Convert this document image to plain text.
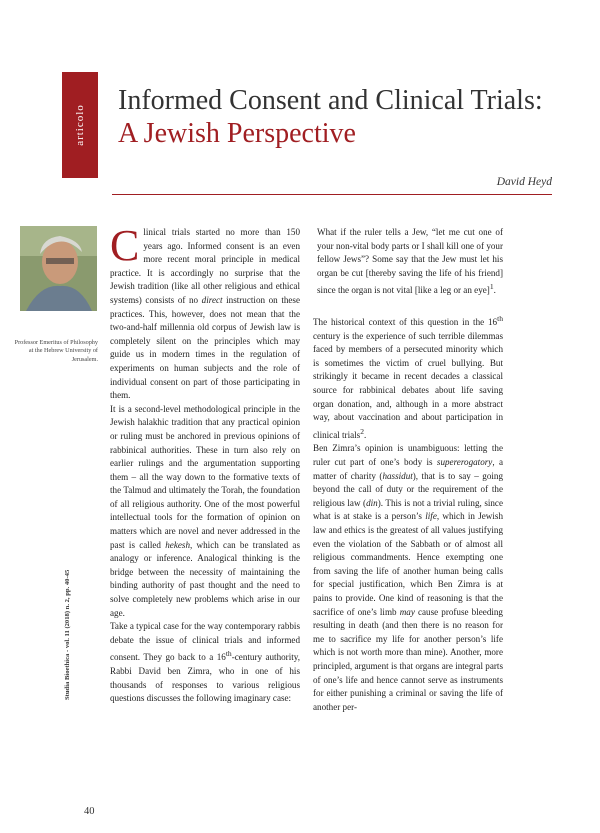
articolo
Informed Consent and Clinical Trials: A Jewish Perspective
David Heyd
Professor Emeritus of Philosophy at the Hebrew University of Jerusalem.
Studia Bioethica - vol. 11 (2018) n. 2, pp. 40-45

Clinical trials started no more than 150 years ago. Informed consent is an even more recent moral principle in medical practice. It is accordingly no surprise that the Jewish tradition (like all other religious and ethical systems) consists of no direct instruction on these practices. This, however, does not mean that the two-and-half millennia old corpus of Jewish law is completely silent on the principles which may guide us in modern times in the regulation of experiments on human subjects and the role of individual consent on part of those participating in them.

It is a second-level methodological principle in the Jewish halakhic tradition that any practical opinion or ruling must be anchored in previous opinions of rabbinical authorities. These in turn also rely on earlier rulings and the argumentation supporting them – all the way down to the formative texts of the Talmud and ultimately the Torah, the foundation of all religious authority. One of the most powerful intellectual tools for the formation of opinion on matters which are novel and never addressed in the past is called hekesh, which can be translated as analogy or inference. Analogical thinking is the bridge between the necessity of maintaining the binding authority of past thought and the need to solve completely new problems which arise in our age.

Take a typical case for the way contemporary rabbis debate the issue of clinical trials and informed consent. They go back to a 16th-century authority, Rabbi David ben Zimra, who in one of his thousands of responses to various religious questions discusses the following imaginary case:

What if the ruler tells a Jew, “let me cut one of your non-vital body parts or I shall kill one of your fellow Jews”? Some say that the Jew must let his organ be cut [thereby saving the life of his friend] since the organ is not vital [like a leg or an eye]$^1$.

The historical context of this question in the 16th century is the experience of such terrible dilemmas faced by members of a persecuted minority which is sometimes the victim of cruel bullying. But strikingly it became in recent decades a classical source for rabbinical debates about life saving organ donation, and, although in a more abstract way, about vaccination and about participation in clinical trials$^2$.

Ben Zimra’s opinion is unambiguous: letting the ruler cut part of one’s body is supererogatory, a matter of charity (hassidut), that is to say – going beyond the call of duty or the requirement of the religious law (din). This is not a trivial ruling, since what is at stake is a person’s life, which in Jewish law and ethics is the greatest of all values justifying even the violation of the Sabbath or of almost all religious commandments. Hence exempting one from saving the life of another human being calls for special justification, which Ben Zimra is at pains to provide. One kind of reasoning is that the sacrifice of one’s limb may cause profuse bleeding resulting in death (and then there is no reason for me to sacrifice my life for another person’s life which is not worth more than mine). Another, more principled, argument is that organs are integral parts of one’s life and hence cannot serve as instruments for either punishing a criminal or saving the life of another per-

40
